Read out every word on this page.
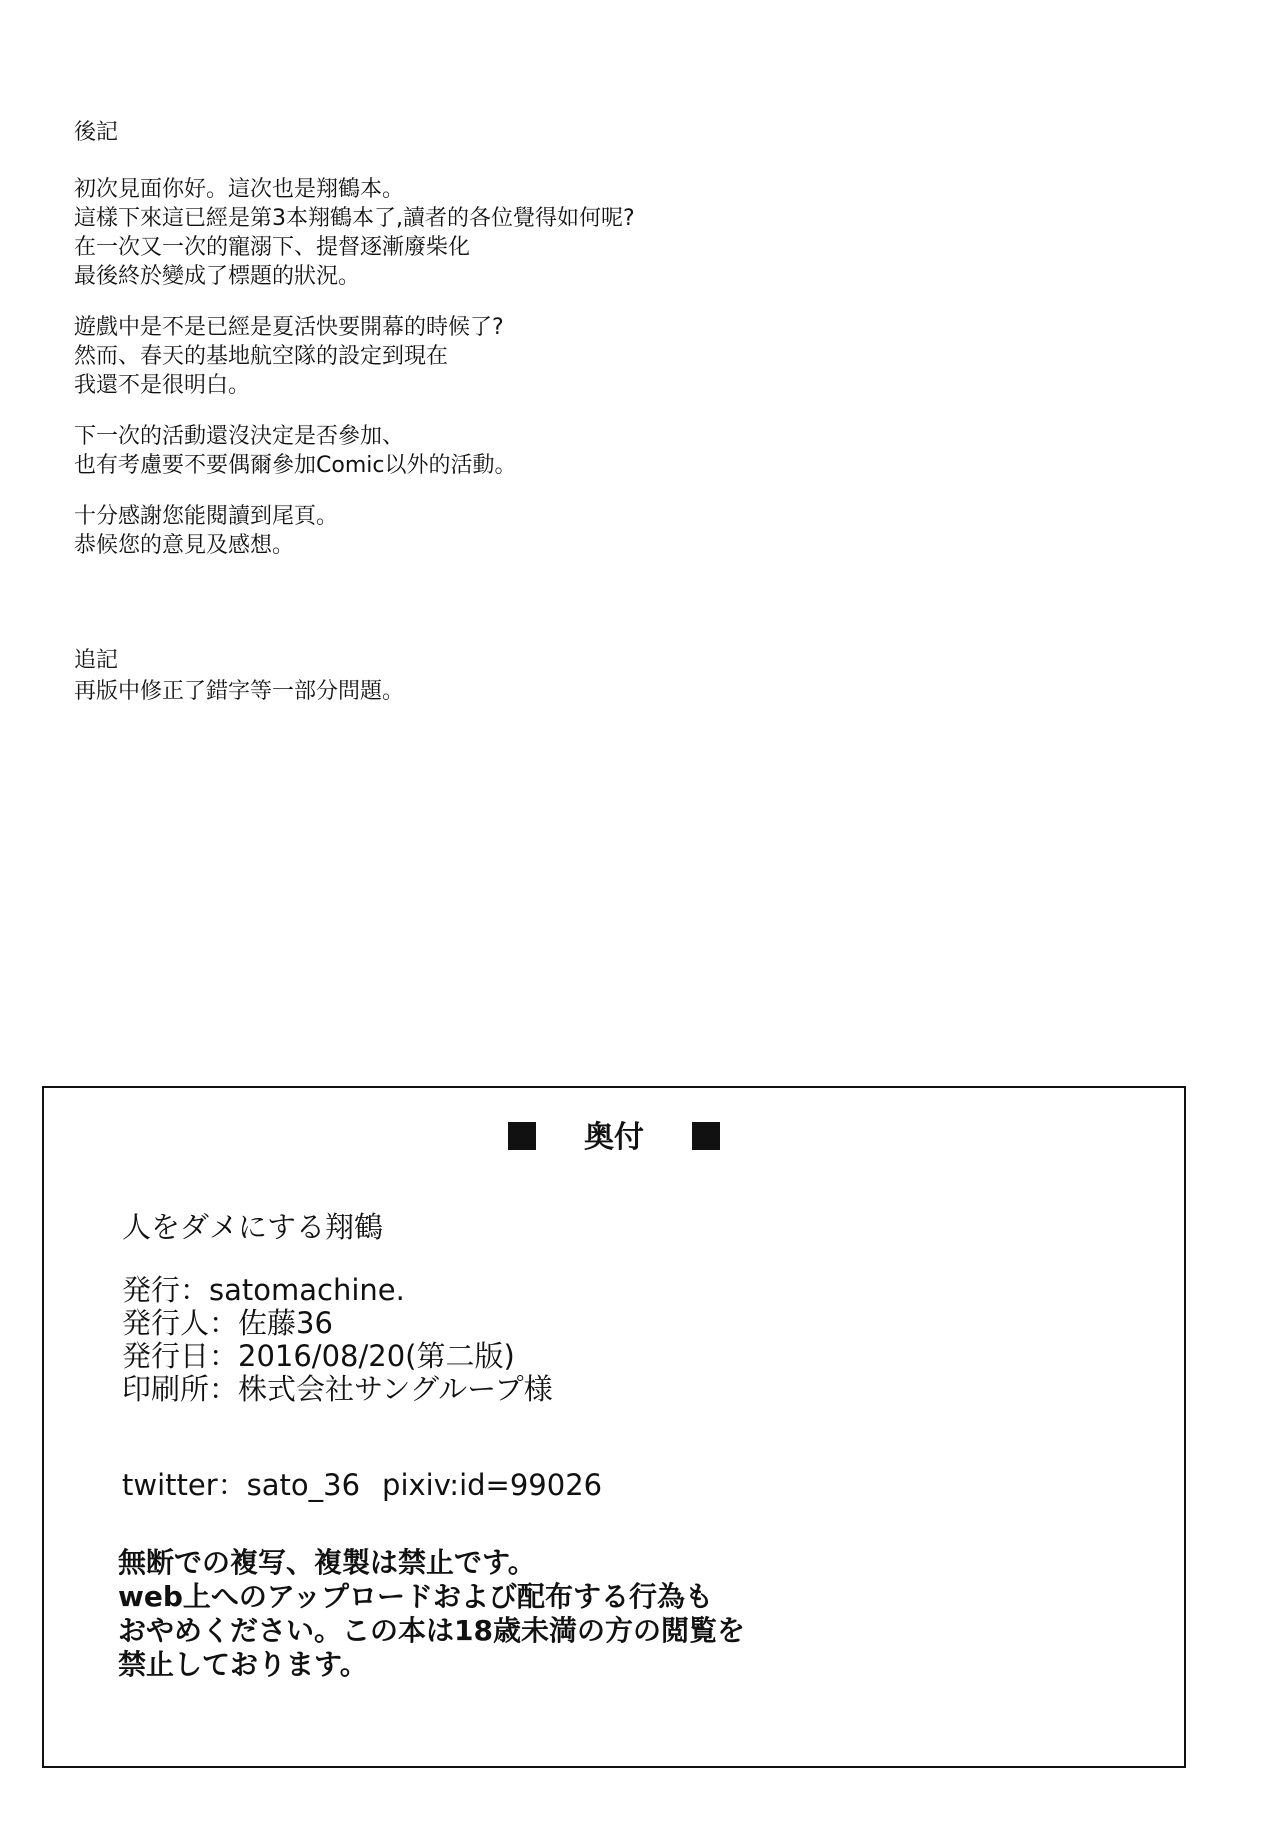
後記
初次見面你好。這次也是翔鶴本。
這樣下來這已經是第3本翔鶴本了,讀者的各位覺得如何呢?
在一次又一次的寵溺下、提督逐漸廢柴化
最後終於變成了標題的狀況。
遊戲中是不是已經是夏活快要開幕的時候了?
然而、春天的基地航空隊的設定到現在
我還不是很明白。
下一次的活動還沒決定是否參加、
也有考慮要不要偶爾參加Comic以外的活動。
十分感謝您能閱讀到尾頁。
恭候您的意見及感想。
追記
再版中修正了錯字等一部分問題。
奥付
人をダメにする翔鶴
発行：satomachine.
発行人：佐藤36
発行日：2016/08/20(第二版)
印刷所：株式会社サングループ様
twitter：sato_36 pixiv:id=99026
無断での複写、複製は禁止です。
web上へのアップロードおよび配布する行為も
おやめください。この本は18歳未満の方の閲覧を
禁止しております。
